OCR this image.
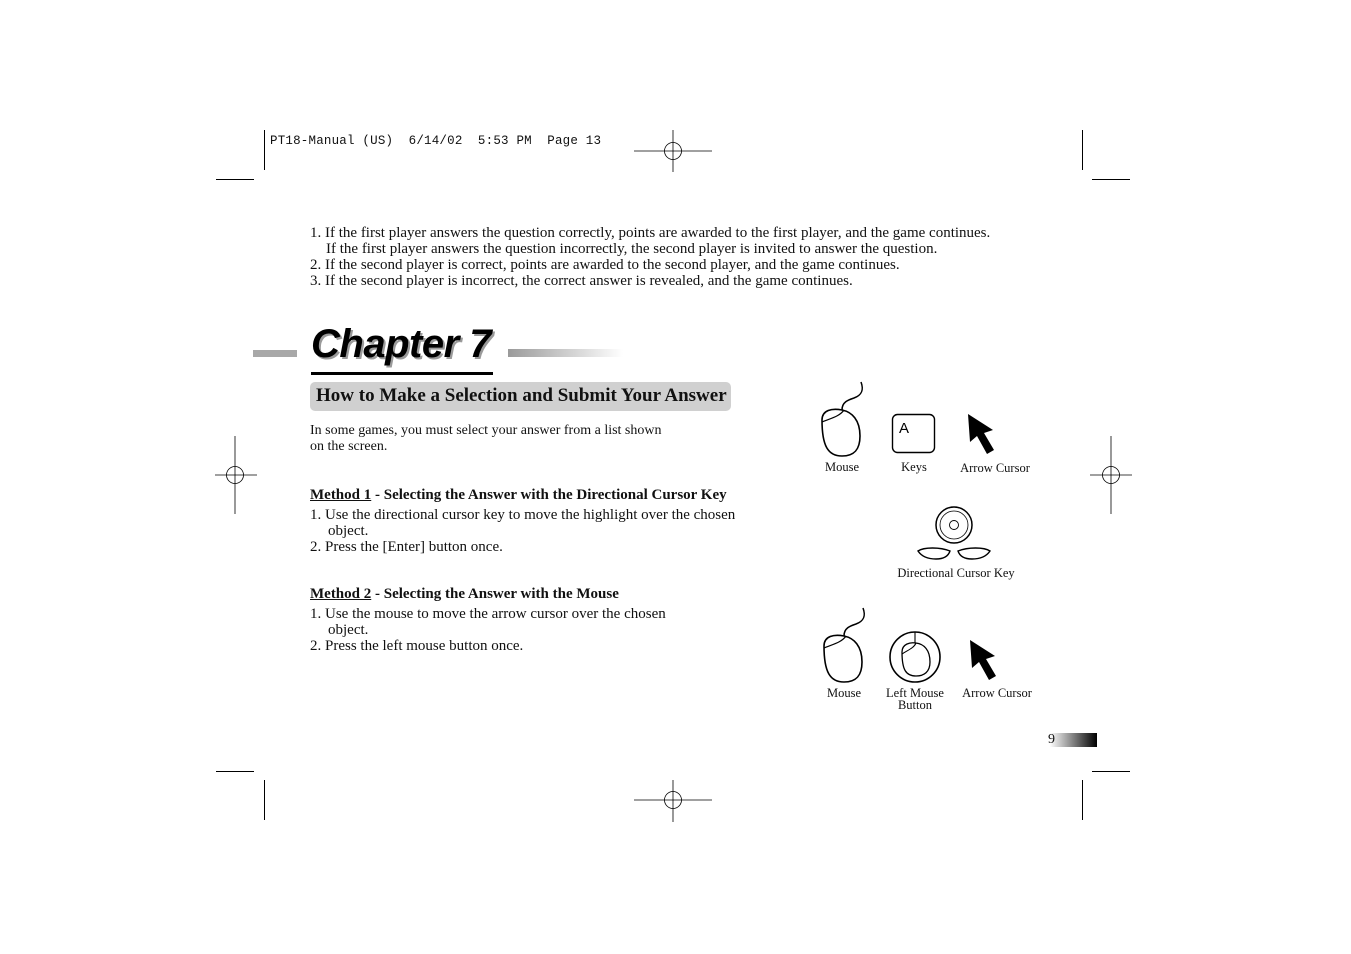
PT18-Manual (US)  6/14/02  5:53 PM  Page 13
1. If the first player answers the question correctly, points are awarded to the first player, and the game continues.
If the first player answers the question incorrectly, the second player is invited to answer the question.
2. If the second player is correct, points are awarded to the second player, and the game continues.
3. If the second player is incorrect, the correct answer is revealed, and the game continues.
Chapter 7
How to Make a Selection and Submit Your Answer
In some games, you must select your answer from a list shown
on the screen.
Method 1 - Selecting the Answer with the Directional Cursor Key
1. Use the directional cursor key to move the highlight over the chosen
object.
2. Press the [Enter] button once.
Method 2 - Selecting the Answer with the Mouse
1. Use the mouse to move the arrow cursor over the chosen
object.
2. Press the left mouse button once.
A
Mouse	Keys	Arrow Cursor
Directional Cursor Key
Mouse	Left Mouse
Button
Arrow Cursor
9
